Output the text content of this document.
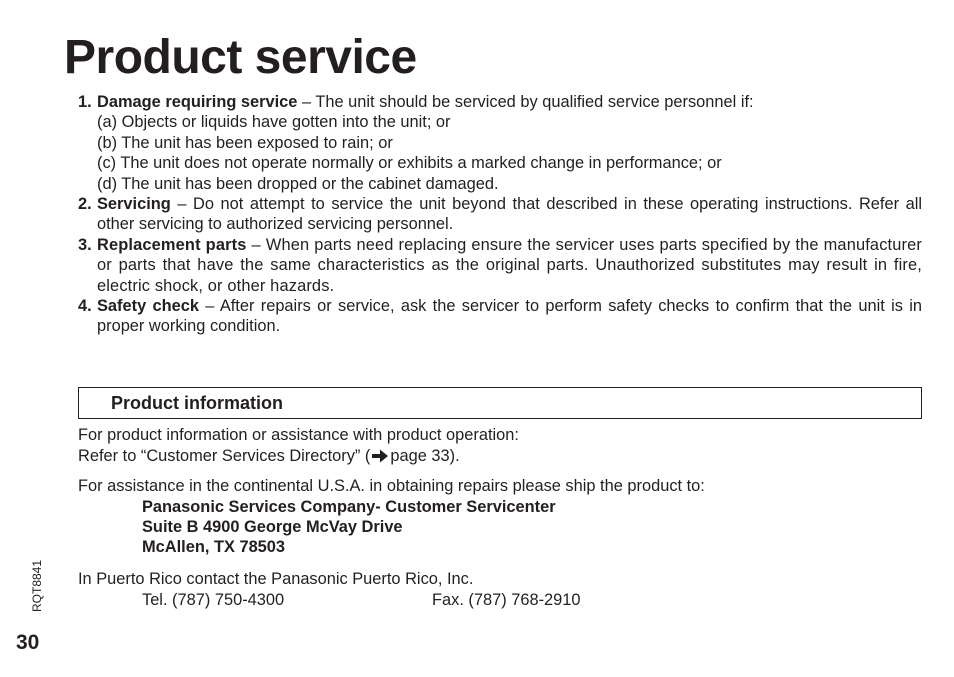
Product service
1. Damage requiring service – The unit should be serviced by qualified service personnel if:
(a) Objects or liquids have gotten into the unit; or
(b) The unit has been exposed to rain; or
(c) The unit does not operate normally or exhibits a marked change in performance; or
(d) The unit has been dropped or the cabinet damaged.
2. Servicing – Do not attempt to service the unit beyond that described in these operating instructions. Refer all other servicing to authorized servicing personnel.
3. Replacement parts – When parts need replacing ensure the servicer uses parts specified by the manufacturer or parts that have the same characteristics as the original parts. Unauthorized substitutes may result in fire, electric shock, or other hazards.
4. Safety check – After repairs or service, ask the servicer to perform safety checks to confirm that the unit is in proper working condition.
Product information
For product information or assistance with product operation:
Refer to “Customer Services Directory” ( page 33).
For assistance in the continental U.S.A. in obtaining repairs please ship the product to:
Panasonic Services Company- Customer Servicenter
Suite B 4900 George McVay Drive
McAllen, TX 78503
In Puerto Rico contact the Panasonic Puerto Rico, Inc.
Tel. (787) 750-4300	Fax. (787) 768-2910
RQT8841
30
